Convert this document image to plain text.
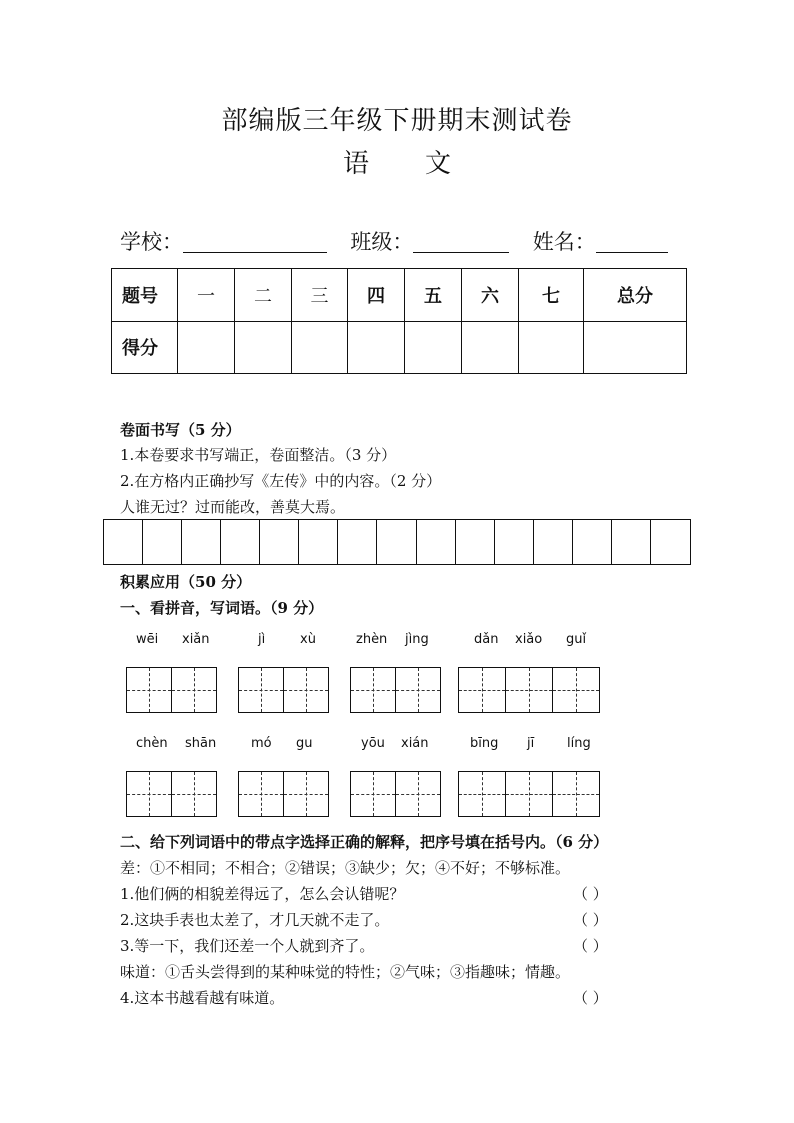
部编版三年级下册期末测试卷
语 文
学校：	班级：	姓名：
题号	一	二	三	四	五	六	七	总分
得分								
卷面书写（5 分）
1.本卷要求书写端正，卷面整洁。（3 分）
2.在方格内正确抄写《左传》中的内容。（2 分）
人谁无过？过而能改，善莫大焉。
积累应用（50 分）
一、看拼音，写词语。（9 分）
wēi xiǎn	jì	xù	zhèn jìng	dǎn xiǎo guǐ
chèn shān	mó gu	yōu xián	bīng jī	líng
二、给下列词语中的带点字选择正确的解释，把序号填在括号内。（6 分）
差：①不相同；不相合；②错误；③缺少；欠；④不好；不够标准。
1.他们俩的相貌差得远了，怎么会认错呢？	（ ）
2.这块手表也太差了，才几天就不走了。	（ ）
3.等一下，我们还差一个人就到齐了。	（ ）
味道：①舌头尝得到的某种味觉的特性；②气味；③指趣味；情趣。
4.这本书越看越有味道。	（ ）
